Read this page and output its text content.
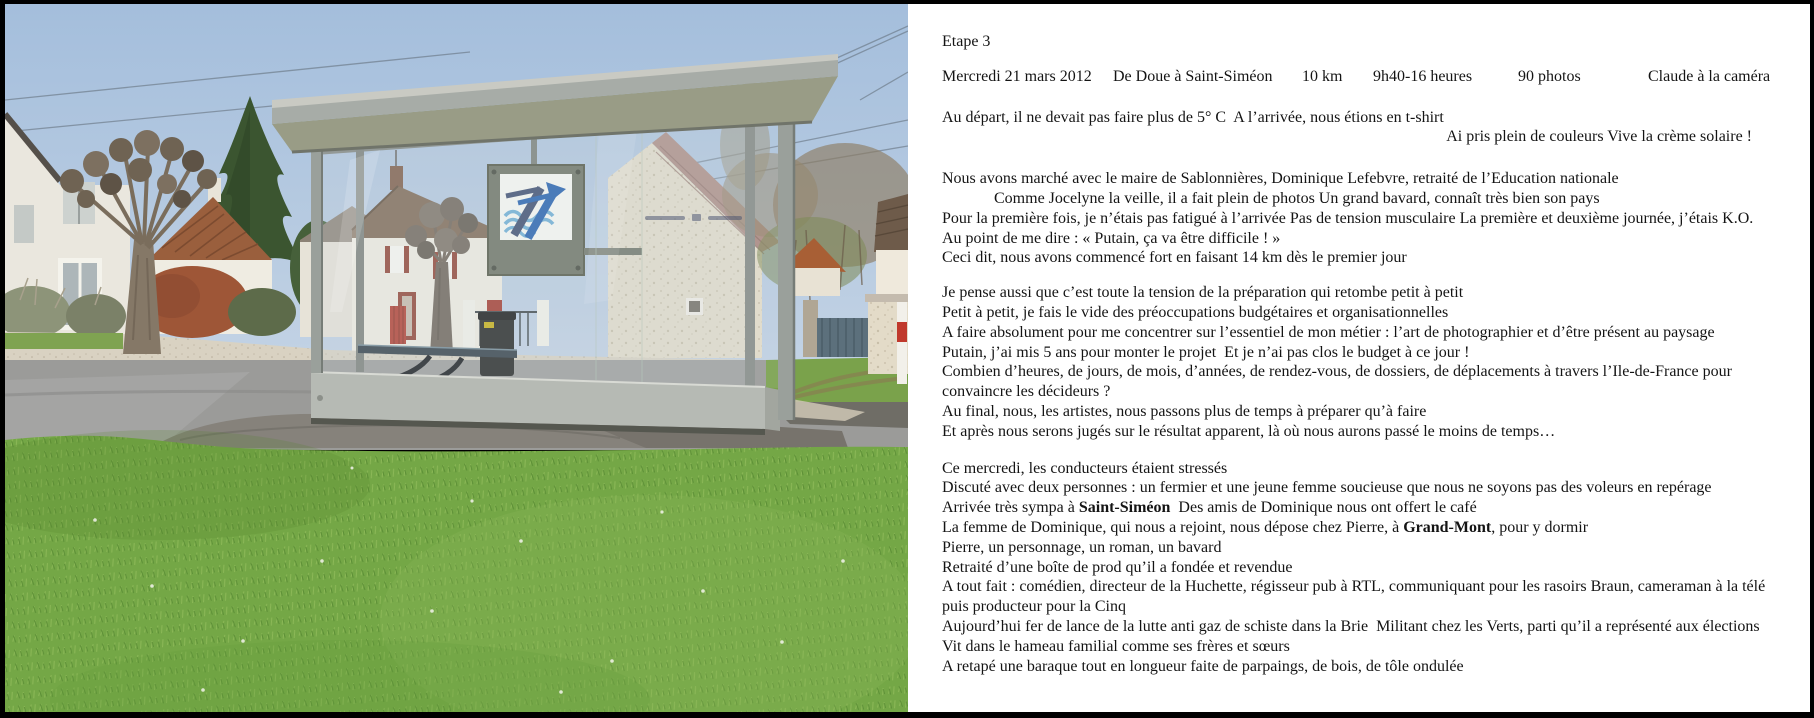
Etape 3
Mercredi 21 mars 2012 De Doue à Saint-Siméon 10 km 9h40-16 heures	90 photos	Claude à la caméra
Au départ, il ne devait pas faire plus de 5° C  A l’arrivée, nous étions en t-shirt
Ai pris plein de couleurs Vive la crème solaire !
Nous avons marché avec le maire de Sablonnières, Dominique Lefebvre, retraité de l’Education nationale
Comme Jocelyne la veille, il a fait plein de photos Un grand bavard, connaît très bien son pays
Pour la première fois, je n’étais pas fatigué à l’arrivée Pas de tension musculaire La première et deuxième journée, j’étais K.O.
Au point de me dire : « Putain, ça va être difficile ! »
Ceci dit, nous avons commencé fort en faisant 14 km dès le premier jour
Je pense aussi que c’est toute la tension de la préparation qui retombe petit à petit
Petit à petit, je fais le vide des préoccupations budgétaires et organisationnelles
A faire absolument pour me concentrer sur l’essentiel de mon métier : l’art de photographier et d’être présent au paysage
Putain, j’ai mis 5 ans pour monter le projet  Et je n’ai pas clos le budget à ce jour !
Combien d’heures, de jours, de mois, d’années, de rendez-vous, de dossiers, de déplacements à travers l’Ile-de-France pour
convaincre les décideurs ?
Au final, nous, les artistes, nous passons plus de temps à préparer qu’à faire
Et après nous serons jugés sur le résultat apparent, là où nous aurons passé le moins de temps…
Ce mercredi, les conducteurs étaient stressés
Discuté avec deux personnes : un fermier et une jeune femme soucieuse que nous ne soyons pas des voleurs en repérage
Arrivée très sympa à Saint-Siméon  Des amis de Dominique nous ont offert le café
La femme de Dominique, qui nous a rejoint, nous dépose chez Pierre, à Grand-Mont, pour y dormir
Pierre, un personnage, un roman, un bavard
Retraité d’une boîte de prod qu’il a fondée et revendue
A tout fait : comédien, directeur de la Huchette, régisseur pub à RTL, communiquant pour les rasoirs Braun, cameraman à la télé
puis producteur pour la Cinq
Aujourd’hui fer de lance de la lutte anti gaz de schiste dans la Brie  Militant chez les Verts, parti qu’il a représenté aux élections
Vit dans le hameau familial comme ses frères et sœurs
A retapé une baraque tout en longueur faite de parpaings, de bois, de tôle ondulée
